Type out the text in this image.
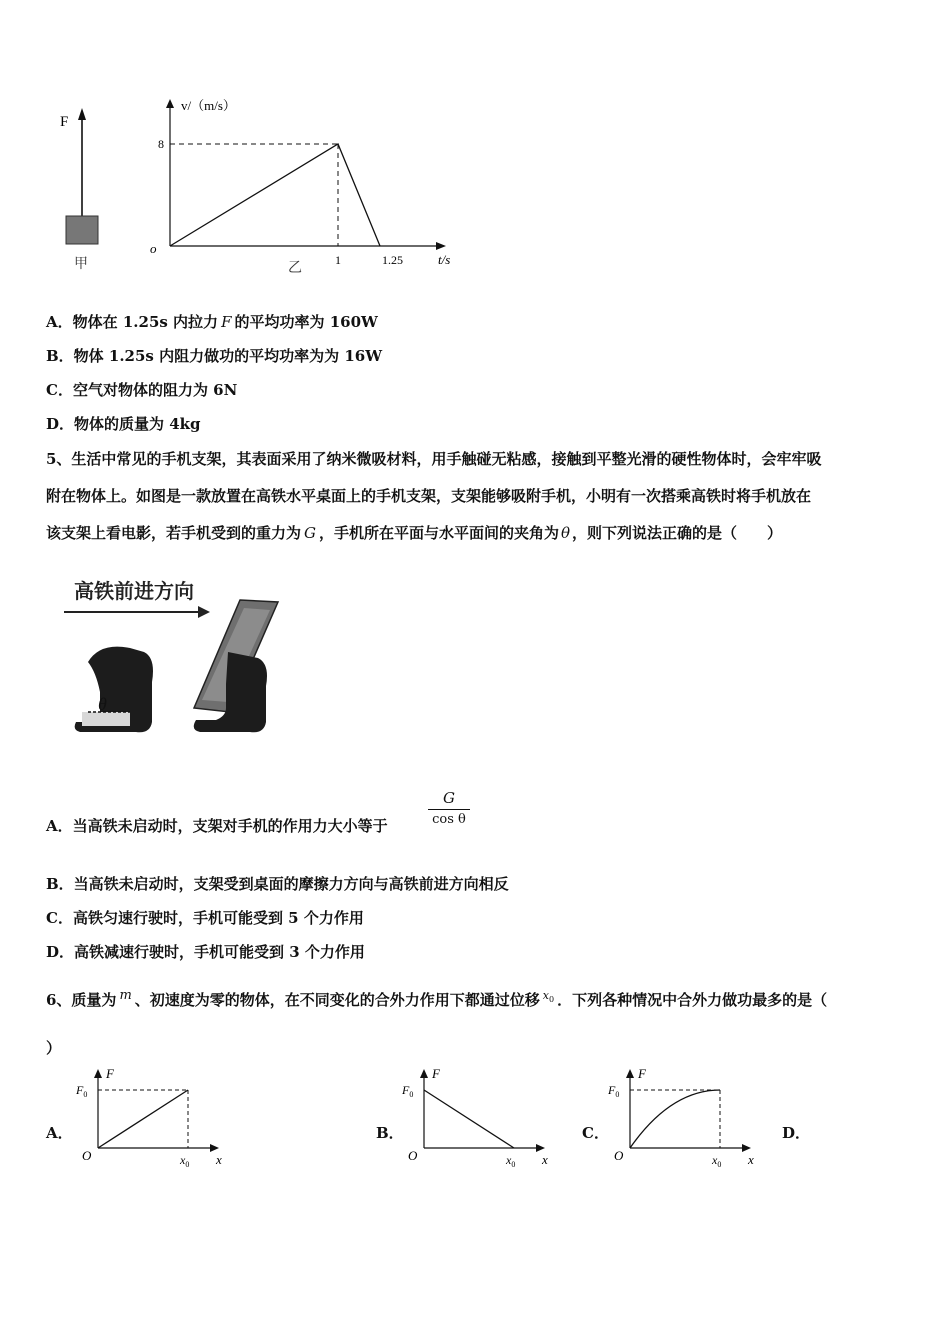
F
甲
v/（m/s）
t/s
o
8
1	1.25
乙
A．物体在 1.25s 内拉力 F 的平均功率为 160W
B．物体 1.25s 内阻力做功的平均功率为为 16W
C．空气对物体的阻力为 6N
D．物体的质量为 4kg
5、生活中常见的手机支架，其表面采用了纳米微吸材料，用手触碰无粘感，接触到平整光滑的硬性物体时，会牢牢吸
附在物体上。如图是一款放置在高铁水平桌面上的手机支架，支架能够吸附手机，小明有一次搭乘高铁时将手机放在
该支架上看电影，若手机受到的重力为 G ，手机所在平面与水平面间的夹角为 θ ，则下列说法正确的是（　　）
高铁前进方向
θ
A．当高铁未启动时，支架对手机的作用力大小等于
G
cos θ
B．当高铁未启动时，支架受到桌面的摩擦力方向与高铁前进方向相反
C．高铁匀速行驶时，手机可能受到 5 个力作用
D．高铁减速行驶时，手机可能受到 3 个力作用
6、质量为 $^m$ 、初速度为零的物体，在不同变化的合外力作用下都通过位移 $^{x_0}$ ．下列各种情况中合外力做功最多的是（
）
A．	B．	C．	D．
F
x
O
$F_0$
$x_0$
F
x
O
$F_0$
$x_0$
F
x
O
$F_0$
$x_0$
